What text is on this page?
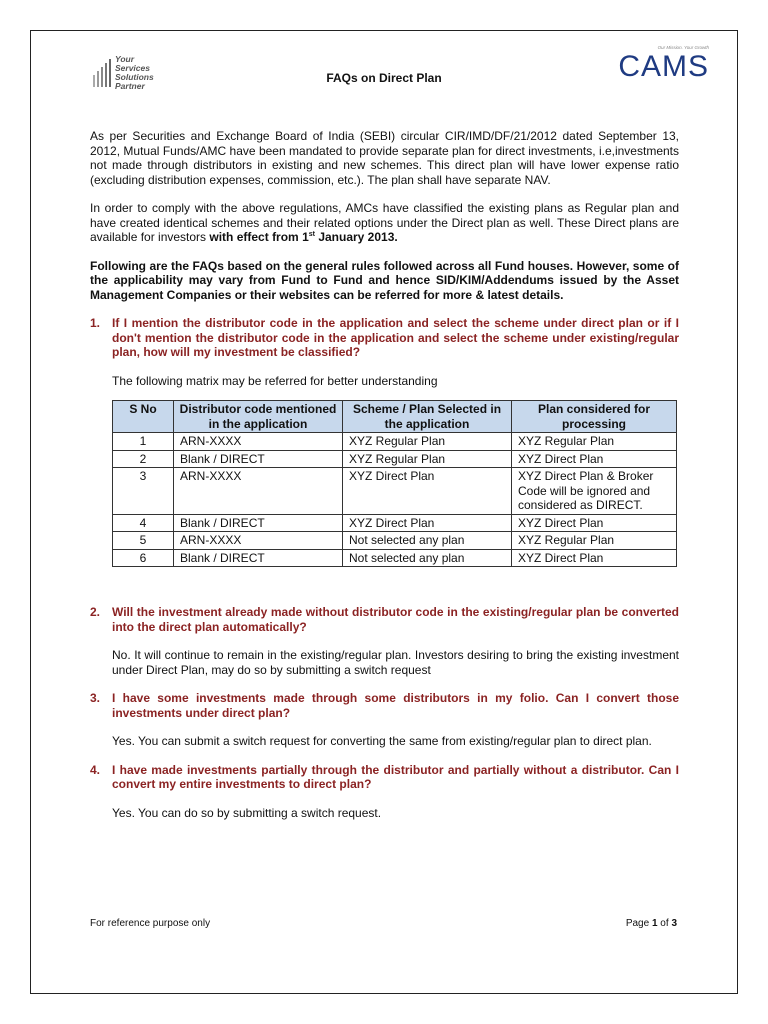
Your Services
Solutions
Partner
FAQs on Direct Plan
Our Mission. Your Growth
CAMS

As per Securities and Exchange Board of India (SEBI) circular CIR/IMD/DF/21/2012 dated September 13, 2012, Mutual Funds/AMC have been mandated to provide separate plan for direct investments, i.e,investments not made through distributors in existing and new schemes. This direct plan will have lower expense ratio (excluding distribution expenses, commission, etc.). The plan shall have separate NAV.

In order to comply with the above regulations, AMCs have classified the existing plans as Regular plan and have created identical schemes and their related options under the Direct plan as well. These Direct plans are available for investors with effect from 1st January 2013.

Following are the FAQs based on the general rules followed across all Fund houses. However, some of the applicability may vary from Fund to Fund and hence SID/KIM/Addendums issued by the Asset Management Companies or their websites can be referred for more & latest details.

1. If I mention the distributor code in the application and select the scheme under direct plan or if I don't mention the distributor code in the application and select the scheme under existing/regular plan, how will my investment be classified?

The following matrix may be referred for better understanding

S No	Distributor code mentioned in the application	Scheme / Plan Selected in the application	Plan considered for processing
1	ARN-XXXX	XYZ Regular Plan	XYZ Regular Plan
2	Blank / DIRECT	XYZ Regular Plan	XYZ Direct Plan
3	ARN-XXXX	XYZ Direct Plan	XYZ Direct Plan & Broker Code will be ignored and considered as DIRECT.
4	Blank / DIRECT	XYZ Direct Plan	XYZ Direct Plan
5	ARN-XXXX	Not selected any plan	XYZ Regular Plan
6	Blank / DIRECT	Not selected any plan	XYZ Direct Plan
2. Will the investment already made without distributor code in the existing/regular plan be converted into the direct plan automatically?

No. It will continue to remain in the existing/regular plan. Investors desiring to bring the existing investment under Direct Plan, may do so by submitting a switch request

3. I have some investments made through some distributors in my folio. Can I convert those investments under direct plan?

Yes. You can submit a switch request for converting the same from existing/regular plan to direct plan.

4. I have made investments partially through the distributor and partially without a distributor. Can I convert my entire investments to direct plan?

Yes. You can do so by submitting a switch request.

For reference purpose only	Page 1 of 3
